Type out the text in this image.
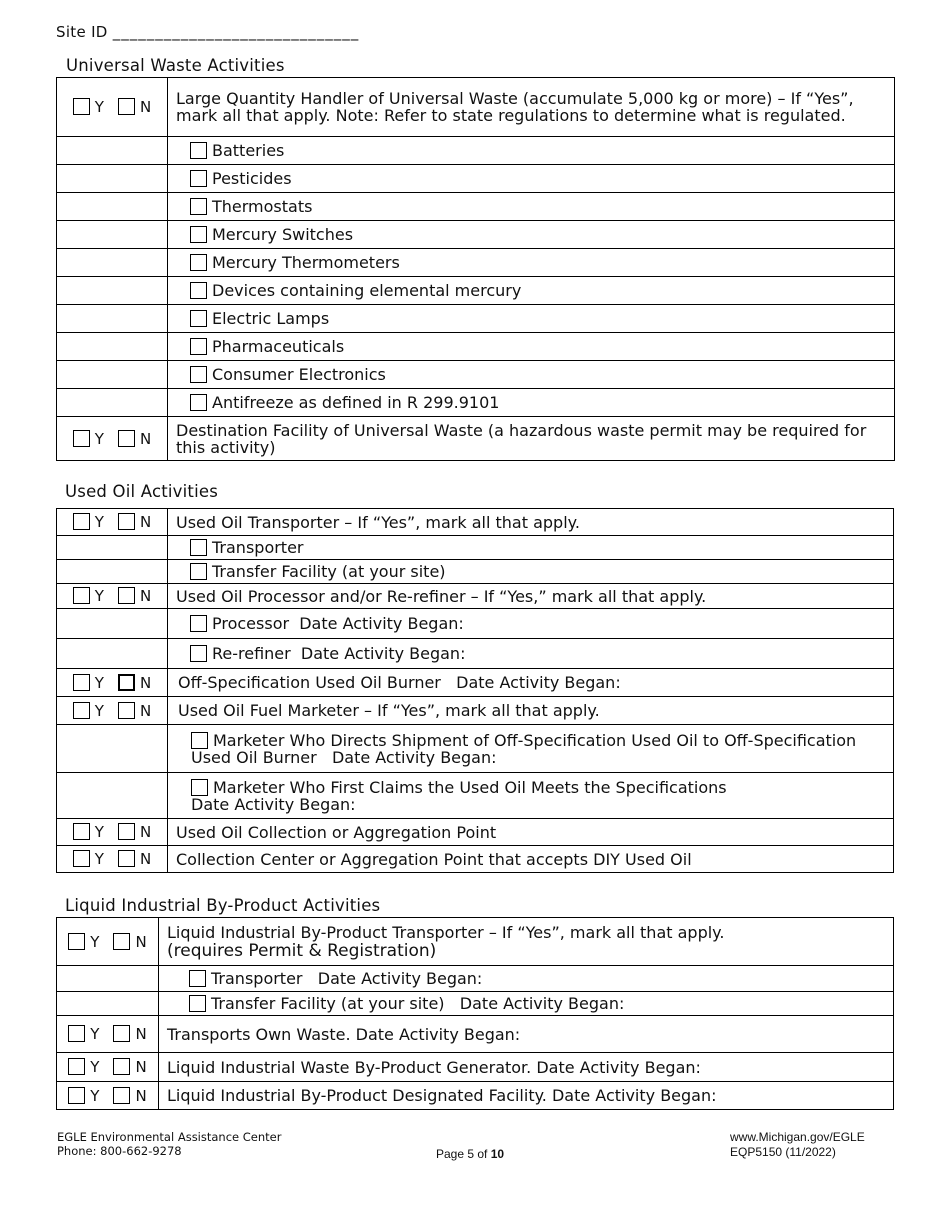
Site ID _____________________________
Universal Waste Activities
Y N	Large Quantity Handler of Universal Waste (accumulate 5,000 kg or more) – If “Yes”, mark all that apply. Note: Refer to state regulations to determine what is regulated.
	Batteries
	Pesticides
	Thermostats
	Mercury Switches
	Mercury Thermometers
	Devices containing elemental mercury
	Electric Lamps
	Pharmaceuticals
	Consumer Electronics
	Antifreeze as defined in R 299.9101
Y N	Destination Facility of Universal Waste (a hazardous waste permit may be required for this activity)
Used Oil Activities
Y N	Used Oil Transporter – If “Yes”, mark all that apply.
	Transporter
	Transfer Facility (at your site)
Y N	Used Oil Processor and/or Re-refiner – If “Yes,” mark all that apply.
	Processor  Date Activity Began:
	Re-refiner  Date Activity Began:
Y N	Off-Specification Used Oil Burner   Date Activity Began:
Y N	Used Oil Fuel Marketer – If “Yes”, mark all that apply.
	Marketer Who Directs Shipment of Off-Specification Used Oil to Off-Specification Used Oil Burner   Date Activity Began:
	Marketer Who First Claims the Used Oil Meets the Specifications Date Activity Began:
Y N	Used Oil Collection or Aggregation Point
Y N	Collection Center or Aggregation Point that accepts DIY Used Oil
Liquid Industrial By-Product Activities
Y N	Liquid Industrial By-Product Transporter – If “Yes”, mark all that apply.
(requires Permit & Registration)

	Transporter   Date Activity Began:
	Transfer Facility (at your site)   Date Activity Began:
Y N	Transports Own Waste. Date Activity Began:
Y N	Liquid Industrial Waste By-Product Generator. Date Activity Began:
Y N	Liquid Industrial By-Product Designated Facility. Date Activity Began:
EGLE Environmental Assistance Center
Phone: 800-662-9278	Page 5 of 10
www.Michigan.gov/EGLE
EQP5150 (11/2022)
